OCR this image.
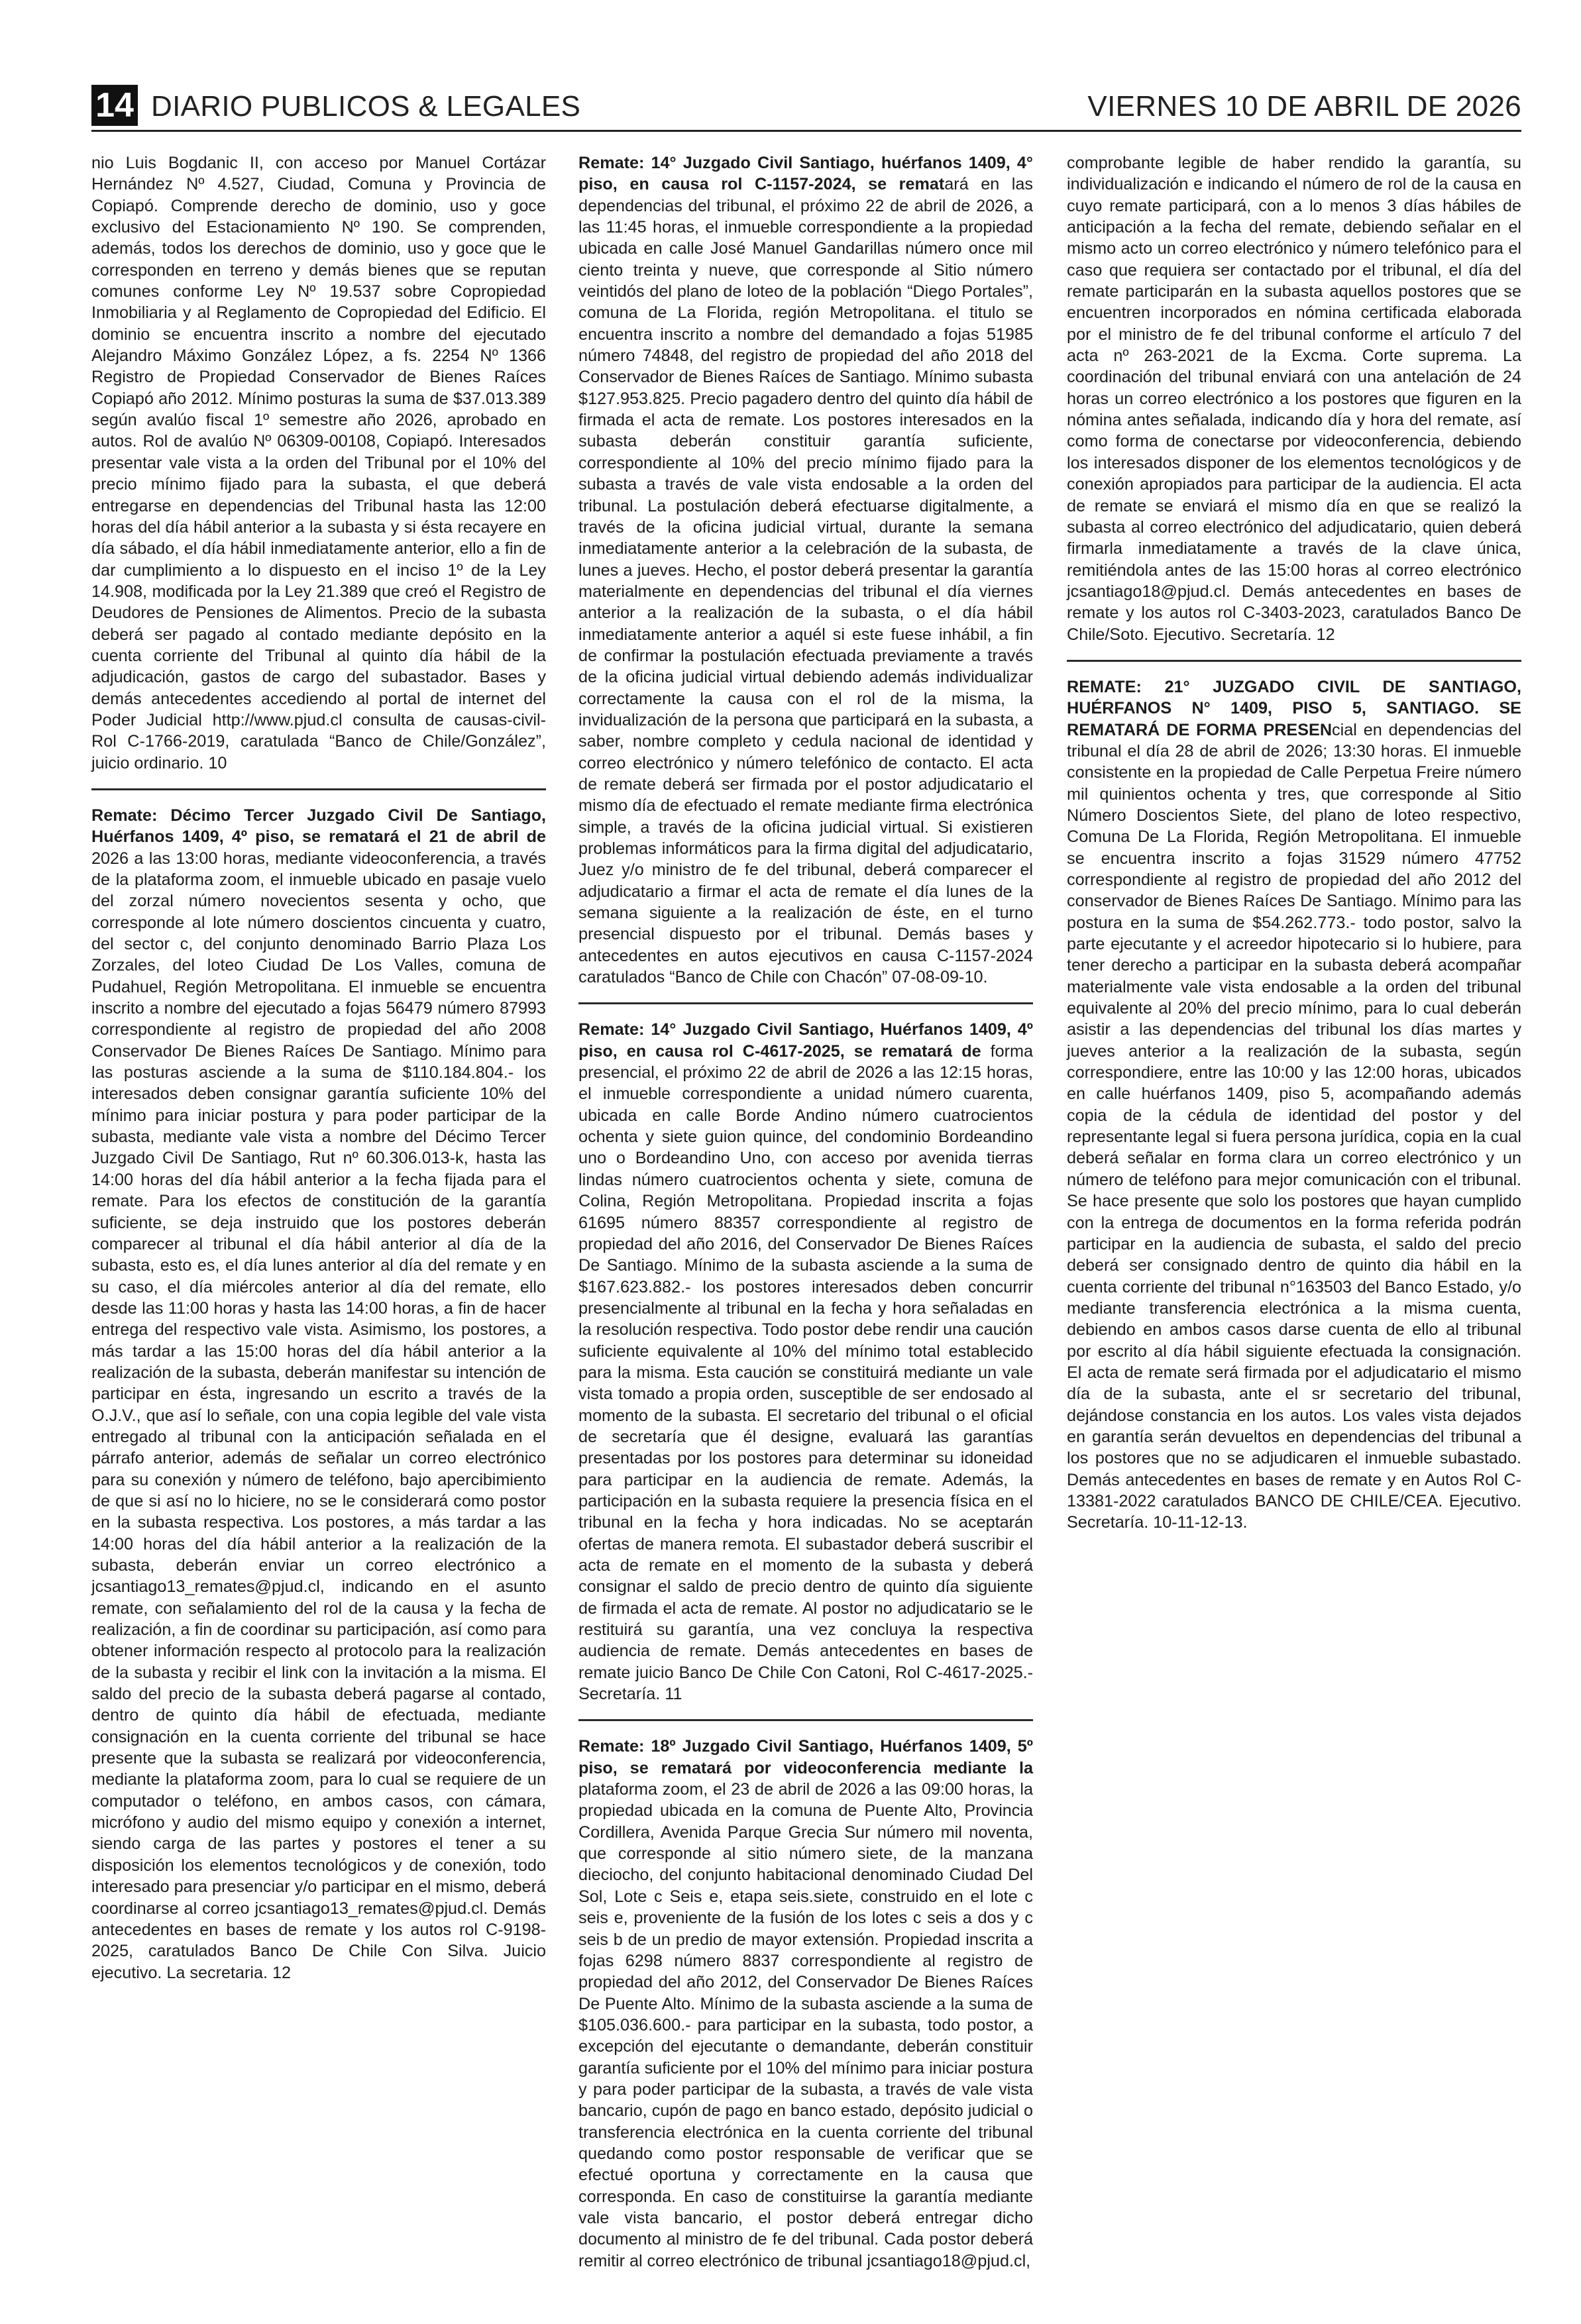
14 DIARIO PUBLICOS & LEGALES	VIERNES 10 DE ABRIL DE 2026

nio Luis Bogdanic II, con acceso por Manuel Cortázar Hernández Nº 4.527, Ciudad, Comuna y Provincia de Copiapó. Comprende derecho de dominio, uso y goce exclusivo del Estacionamiento Nº 190. Se comprenden, además, todos los derechos de dominio, uso y goce que le corresponden en terreno y demás bienes que se reputan comunes conforme Ley Nº 19.537 sobre Copropiedad Inmobiliaria y al Reglamento de Copropiedad del Edificio. El dominio se encuentra inscrito a nombre del ejecutado Alejandro Máximo González López, a fs. 2254 Nº 1366 Registro de Propiedad Conservador de Bienes Raíces Copiapó año 2012. Mínimo posturas la suma de $37.013.389 según avalúo fiscal 1º semestre año 2026, aprobado en autos. Rol de avalúo Nº 06309-00108, Copiapó. Interesados presentar vale vista a la orden del Tribunal por el 10% del precio mínimo fijado para la subasta, el que deberá entregarse en dependencias del Tribunal hasta las 12:00 horas del día hábil anterior a la subasta y si ésta recayere en día sábado, el día hábil inmediatamente anterior, ello a fin de dar cumplimiento a lo dispuesto en el inciso 1º de la Ley 14.908, modificada por la Ley 21.389 que creó el Registro de Deudores de Pensiones de Alimentos. Precio de la subasta deberá ser pagado al contado mediante depósito en la cuenta corriente del Tribunal al quinto día hábil de la adjudicación, gastos de cargo del subastador. Bases y demás antecedentes accediendo al portal de internet del Poder Judicial http://www.pjud.cl consulta de causas-civil- Rol C-1766-2019, caratulada “Banco de Chile/González”, juicio ordinario. 10

Remate: Décimo Tercer Juzgado Civil De Santiago, Huérfanos 1409, 4º piso, se rematará el 21 de abril de 2026 a las 13:00 horas, mediante videoconferencia, a través de la plataforma zoom, el inmueble ubicado en pasaje vuelo del zorzal número novecientos sesenta y ocho, que corresponde al lote número doscientos cincuenta y cuatro, del sector c, del conjunto denominado Barrio Plaza Los Zorzales, del loteo Ciudad De Los Valles, comuna de Pudahuel, Región Metropolitana. El inmueble se encuentra inscrito a nombre del ejecutado a fojas 56479 número 87993 correspondiente al registro de propiedad del año 2008 Conservador De Bienes Raíces De Santiago. Mínimo para las posturas asciende a la suma de $110.184.804.- los interesados deben consignar garantía suficiente 10% del mínimo para iniciar postura y para poder participar de la subasta, mediante vale vista a nombre del Décimo Tercer Juzgado Civil De Santiago, Rut nº 60.306.013-k, hasta las 14:00 horas del día hábil anterior a la fecha fijada para el remate. Para los efectos de constitución de la garantía suficiente, se deja instruido que los postores deberán comparecer al tribunal el día hábil anterior al día de la subasta, esto es, el día lunes anterior al día del remate y en su caso, el día miércoles anterior al día del remate, ello desde las 11:00 horas y hasta las 14:00 horas, a fin de hacer entrega del respectivo vale vista. Asimismo, los postores, a más tardar a las 15:00 horas del día hábil anterior a la realización de la subasta, deberán manifestar su intención de participar en ésta, ingresando un escrito a través de la O.J.V., que así lo señale, con una copia legible del vale vista entregado al tribunal con la anticipación señalada en el párrafo anterior, además de señalar un correo electrónico para su conexión y número de teléfono, bajo apercibimiento de que si así no lo hiciere, no se le considerará como postor en la subasta respectiva. Los postores, a más tardar a las 14:00 horas del día hábil anterior a la realización de la subasta, deberán enviar un correo electrónico a jcsantiago13_remates@pjud.cl, indicando en el asunto remate, con señalamiento del rol de la causa y la fecha de realización, a fin de coordinar su participación, así como para obtener información respecto al protocolo para la realización de la subasta y recibir el link con la invitación a la misma. El saldo del precio de la subasta deberá pagarse al contado, dentro de quinto día hábil de efectuada, mediante consignación en la cuenta corriente del tribunal se hace presente que la subasta se realizará por videoconferencia, mediante la plataforma zoom, para lo cual se requiere de un computador o teléfono, en ambos casos, con cámara, micrófono y audio del mismo equipo y conexión a internet, siendo carga de las partes y postores el tener a su disposición los elementos tecnológicos y de conexión, todo interesado para presenciar y/o participar en el mismo, deberá coordinarse al correo jcsantiago13_remates@pjud.cl. Demás antecedentes en bases de remate y los autos rol C-9198-2025, caratulados Banco De Chile Con Silva. Juicio ejecutivo. La secretaria. 12

Remate: 14° Juzgado Civil Santiago, huérfanos 1409, 4° piso, en causa rol C-1157-2024, se rematará en las dependencias del tribunal, el próximo 22 de abril de 2026, a las 11:45 horas, el inmueble correspondiente a la propiedad ubicada en calle José Manuel Gandarillas número once mil ciento treinta y nueve, que corresponde al Sitio número veintidós del plano de loteo de la población “Diego Portales”, comuna de La Florida, región Metropolitana. el titulo se encuentra inscrito a nombre del demandado a fojas 51985 número 74848, del registro de propiedad del año 2018 del Conservador de Bienes Raíces de Santiago. Mínimo subasta $127.953.825. Precio pagadero dentro del quinto día hábil de firmada el acta de remate. Los postores interesados en la subasta deberán constituir garantía suficiente, correspondiente al 10% del precio mínimo fijado para la subasta a través de vale vista endosable a la orden del tribunal. La postulación deberá efectuarse digitalmente, a través de la oficina judicial virtual, durante la semana inmediatamente anterior a la celebración de la subasta, de lunes a jueves. Hecho, el postor deberá presentar la garantía materialmente en dependencias del tribunal el día viernes anterior a la realización de la subasta, o el día hábil inmediatamente anterior a aquél si este fuese inhábil, a fin de confirmar la postulación efectuada previamente a través de la oficina judicial virtual debiendo además individualizar correctamente la causa con el rol de la misma, la invidualización de la persona que participará en la subasta, a saber, nombre completo y cedula nacional de identidad y correo electrónico y número telefónico de contacto. El acta de remate deberá ser firmada por el postor adjudicatario el mismo día de efectuado el remate mediante firma electrónica simple, a través de la oficina judicial virtual. Si existieren problemas informáticos para la firma digital del adjudicatario, Juez y/o ministro de fe del tribunal, deberá comparecer el adjudicatario a firmar el acta de remate el día lunes de la semana siguiente a la realización de éste, en el turno presencial dispuesto por el tribunal. Demás bases y antecedentes en autos ejecutivos en causa C-1157-2024 caratulados “Banco de Chile con Chacón” 07-08-09-10.

Remate: 14° Juzgado Civil Santiago, Huérfanos 1409, 4º piso, en causa rol C-4617-2025, se rematará de forma presencial, el próximo 22 de abril de 2026 a las 12:15 horas, el inmueble correspondiente a unidad número cuarenta, ubicada en calle Borde Andino número cuatrocientos ochenta y siete guion quince, del condominio Bordeandino uno o Bordeandino Uno, con acceso por avenida tierras lindas número cuatrocientos ochenta y siete, comuna de Colina, Región Metropolitana. Propiedad inscrita a fojas 61695 número 88357 correspondiente al registro de propiedad del año 2016, del Conservador De Bienes Raíces De Santiago. Mínimo de la subasta asciende a la suma de $167.623.882.- los postores interesados deben concurrir presencialmente al tribunal en la fecha y hora señaladas en la resolución respectiva. Todo postor debe rendir una caución suficiente equivalente al 10% del mínimo total establecido para la misma. Esta caución se constituirá mediante un vale vista tomado a propia orden, susceptible de ser endosado al momento de la subasta. El secretario del tribunal o el oficial de secretaría que él designe, evaluará las garantías presentadas por los postores para determinar su idoneidad para participar en la audiencia de remate. Además, la participación en la subasta requiere la presencia física en el tribunal en la fecha y hora indicadas. No se aceptarán ofertas de manera remota. El subastador deberá suscribir el acta de remate en el momento de la subasta y deberá consignar el saldo de precio dentro de quinto día siguiente de firmada el acta de remate. Al postor no adjudicatario se le restituirá su garantía, una vez concluya la respectiva audiencia de remate. Demás antecedentes en bases de remate juicio Banco De Chile Con Catoni, Rol C-4617-2025.- Secretaría. 11

Remate: 18º Juzgado Civil Santiago, Huérfanos 1409, 5º piso, se rematará por videoconferencia mediante la plataforma zoom, el 23 de abril de 2026 a las 09:00 horas, la propiedad ubicada en la comuna de Puente Alto, Provincia Cordillera, Avenida Parque Grecia Sur número mil noventa, que corresponde al sitio número siete, de la manzana dieciocho, del conjunto habitacional denominado Ciudad Del Sol, Lote c Seis e, etapa seis.siete, construido en el lote c seis e, proveniente de la fusión de los lotes c seis a dos y c seis b de un predio de mayor extensión. Propiedad inscrita a fojas 6298 número 8837 correspondiente al registro de propiedad del año 2012, del Conservador De Bienes Raíces De Puente Alto. Mínimo de la subasta asciende a la suma de $105.036.600.- para participar en la subasta, todo postor, a excepción del ejecutante o demandante, deberán constituir garantía suficiente por el 10% del mínimo para iniciar postura y para poder participar de la subasta, a través de vale vista bancario, cupón de pago en banco estado, depósito judicial o transferencia electrónica en la cuenta corriente del tribunal quedando como postor responsable de verificar que se efectué oportuna y correctamente en la causa que corresponda. En caso de constituirse la garantía mediante vale vista bancario, el postor deberá entregar dicho documento al ministro de fe del tribunal. Cada postor deberá remitir al correo electrónico de tribunal jcsantiago18@pjud.cl,

comprobante legible de haber rendido la garantía, su individualización e indicando el número de rol de la causa en cuyo remate participará, con a lo menos 3 días hábiles de anticipación a la fecha del remate, debiendo señalar en el mismo acto un correo electrónico y número telefónico para el caso que requiera ser contactado por el tribunal, el día del remate participarán en la subasta aquellos postores que se encuentren incorporados en nómina certificada elaborada por el ministro de fe del tribunal conforme el artículo 7 del acta nº 263-2021 de la Excma. Corte suprema. La coordinación del tribunal enviará con una antelación de 24 horas un correo electrónico a los postores que figuren en la nómina antes señalada, indicando día y hora del remate, así como forma de conectarse por videoconferencia, debiendo los interesados disponer de los elementos tecnológicos y de conexión apropiados para participar de la audiencia. El acta de remate se enviará el mismo día en que se realizó la subasta al correo electrónico del adjudicatario, quien deberá firmarla inmediatamente a través de la clave única, remitiéndola antes de las 15:00 horas al correo electrónico jcsantiago18@pjud.cl. Demás antecedentes en bases de remate y los autos rol C-3403-2023, caratulados Banco De Chile/Soto. Ejecutivo. Secretaría. 12

REMATE: 21° JUZGADO CIVIL DE SANTIAGO, HUÉRFANOS N° 1409, PISO 5, SANTIAGO. SE REMATARÁ DE FORMA PRESENcial en dependencias del tribunal el día 28 de abril de 2026; 13:30 horas. El inmueble consistente en la propiedad de Calle Perpetua Freire número mil quinientos ochenta y tres, que corresponde al Sitio Número Doscientos Siete, del plano de loteo respectivo, Comuna De La Florida, Región Metropolitana. El inmueble se encuentra inscrito a fojas 31529 número 47752 correspondiente al registro de propiedad del año 2012 del conservador de Bienes Raíces De Santiago. Mínimo para las postura en la suma de $54.262.773.- todo postor, salvo la parte ejecutante y el acreedor hipotecario si lo hubiere, para tener derecho a participar en la subasta deberá acompañar materialmente vale vista endosable a la orden del tribunal equivalente al 20% del precio mínimo, para lo cual deberán asistir a las dependencias del tribunal los días martes y jueves anterior a la realización de la subasta, según correspondiere, entre las 10:00 y las 12:00 horas, ubicados en calle huérfanos 1409, piso 5, acompañando además copia de la cédula de identidad del postor y del representante legal si fuera persona jurídica, copia en la cual deberá señalar en forma clara un correo electrónico y un número de teléfono para mejor comunicación con el tribunal. Se hace presente que solo los postores que hayan cumplido con la entrega de documentos en la forma referida podrán participar en la audiencia de subasta, el saldo del precio deberá ser consignado dentro de quinto dia hábil en la cuenta corriente del tribunal n°163503 del Banco Estado, y/o mediante transferencia electrónica a la misma cuenta, debiendo en ambos casos darse cuenta de ello al tribunal por escrito al día hábil siguiente efectuada la consignación. El acta de remate será firmada por el adjudicatario el mismo día de la subasta, ante el sr secretario del tribunal, dejándose constancia en los autos. Los vales vista dejados en garantía serán devueltos en dependencias del tribunal a los postores que no se adjudicaren el inmueble subastado. Demás antecedentes en bases de remate y en Autos Rol C-13381-2022 caratulados BANCO DE CHILE/CEA. Ejecutivo. Secretaría. 10-11-12-13.
